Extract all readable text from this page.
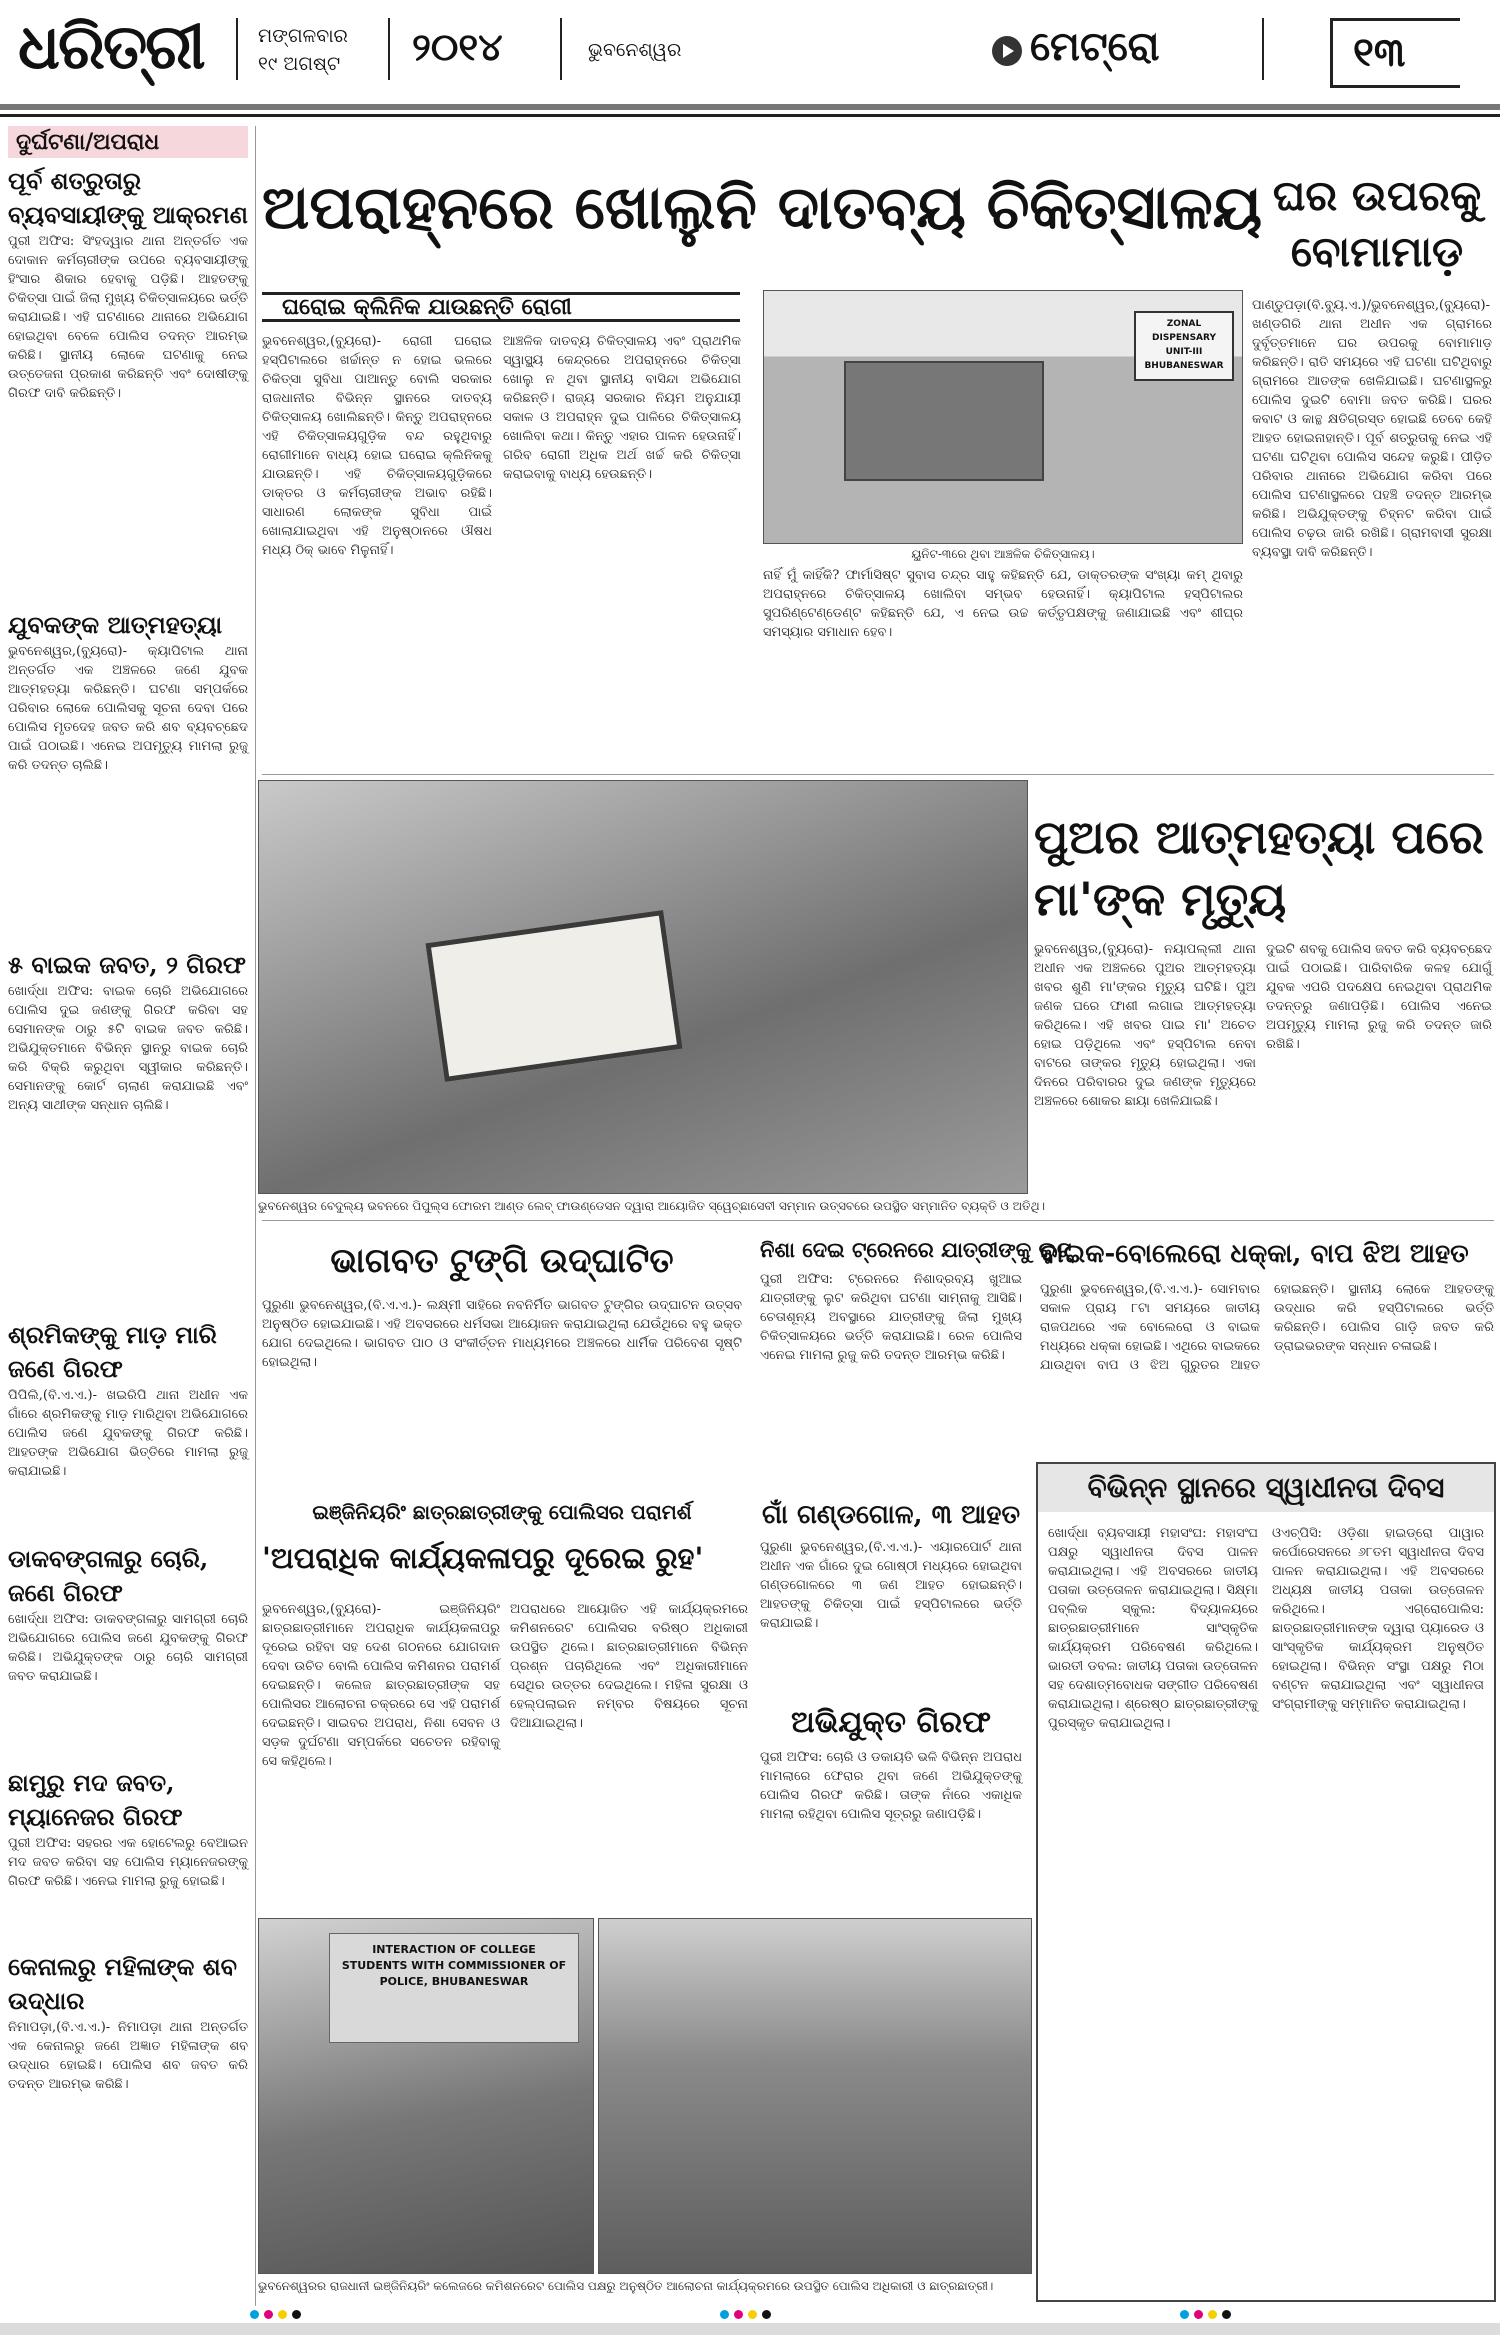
ଧରିତ୍ରୀ	ମଙ୍ଗଳବାର
୧୯ ଅଗଷ୍ଟ ୨୦୧୪	ଭୁବନେଶ୍ୱର	ମେଟ୍ରୋ	୧୩
ଦୁର୍ଘଟଣା/ଅପରାଧ
ପୂର୍ବ ଶତ୍ରୁତାରୁ ବ୍ୟବସାୟୀଙ୍କୁ ଆକ୍ରମଣ
ପୁରୀ ଅଫିସ: ସିଂହଦ୍ୱାର ଥାନା ଅନ୍ତର୍ଗତ ଏକ ଦୋକାନ କର୍ମଚାରୀଙ୍କ ଉପରେ ବ୍ୟବସାୟୀଙ୍କୁ ହିଂସାର ଶିକାର ହେବାକୁ ପଡ଼ିଛି। ଆହତଙ୍କୁ ଚିକିତ୍ସା ପାଇଁ ଜିଲା ମୁଖ୍ୟ ଚିକିତ୍ସାଳୟରେ ଭର୍ତ୍ତି କରାଯାଇଛି। ଏହି ଘଟଣାରେ ଥାନାରେ ଅଭିଯୋଗ ହୋଇଥିବା ବେଳେ ପୋଲିସ ତଦନ୍ତ ଆରମ୍ଭ କରିଛି। ସ୍ଥାନୀୟ ଲୋକେ ଘଟଣାକୁ ନେଇ ଉତ୍ତେଜନା ପ୍ରକାଶ କରିଛନ୍ତି ଏବଂ ଦୋଷୀଙ୍କୁ ଗିରଫ ଦାବି କରିଛନ୍ତି।
ଯୁବକଙ୍କ ଆତ୍ମହତ୍ୟା
ଭୁବନେଶ୍ୱର,(ବ୍ୟୁରୋ)- କ୍ୟାପିଟାଲ ଥାନା ଅନ୍ତର୍ଗତ ଏକ ଅଞ୍ଚଳରେ ଜଣେ ଯୁବକ ଆତ୍ମହତ୍ୟା କରିଛନ୍ତି। ଘଟଣା ସମ୍ପର୍କରେ ପରିବାର ଲୋକେ ପୋଲିସକୁ ସୂଚନା ଦେବା ପରେ ପୋଲିସ ମୃତଦେହ ଜବତ କରି ଶବ ବ୍ୟବଚ୍ଛେଦ ପାଇଁ ପଠାଇଛି। ଏନେଇ ଅପମୃତ୍ୟୁ ମାମଲା ରୁଜୁ କରି ତଦନ୍ତ ଚାଲିଛି।
୫ ବାଇକ ଜବତ, ୨ ଗିରଫ
ଖୋର୍ଦ୍ଧା ଅଫିସ: ବାଇକ ଚୋରି ଅଭିଯୋଗରେ ପୋଲିସ ଦୁଇ ଜଣଙ୍କୁ ଗିରଫ କରିବା ସହ ସେମାନଙ୍କ ଠାରୁ ୫ଟି ବାଇକ ଜବତ କରିଛି। ଅଭିଯୁକ୍ତମାନେ ବିଭିନ୍ନ ସ୍ଥାନରୁ ବାଇକ ଚୋରି କରି ବିକ୍ରି କରୁଥିବା ସ୍ୱୀକାର କରିଛନ୍ତି। ସେମାନଙ୍କୁ କୋର୍ଟ ଚାଲାଣ କରାଯାଇଛି ଏବଂ ଅନ୍ୟ ସାଥୀଙ୍କ ସନ୍ଧାନ ଚାଲିଛି।
ଶ୍ରମିକଙ୍କୁ ମାଡ଼ ମାରି ଜଣେ ଗିରଫ
ପିପିଲି,(ବି.ଏ.ଏ.)- ଖଇରିପି ଥାନା ଅଧୀନ ଏକ ଗାଁରେ ଶ୍ରମିକଙ୍କୁ ମାଡ଼ ମାରିଥିବା ଅଭିଯୋଗରେ ପୋଲିସ ଜଣେ ଯୁବକଙ୍କୁ ଗିରଫ କରିଛି। ଆହତଙ୍କ ଅଭିଯୋଗ ଭିତ୍ତିରେ ମାମଲା ରୁଜୁ କରାଯାଇଛି।
ଡାକବଙ୍ଗଳାରୁ ଚୋରି, ଜଣେ ଗିରଫ
ଖୋର୍ଦ୍ଧା ଅଫିସ: ଡାକବଙ୍ଗଳାରୁ ସାମଗ୍ରୀ ଚୋରି ଅଭିଯୋଗରେ ପୋଲିସ ଜଣେ ଯୁବକଙ୍କୁ ଗିରଫ କରିଛି। ଅଭିଯୁକ୍ତଙ୍କ ଠାରୁ ଚୋରି ସାମଗ୍ରୀ ଜବତ କରାଯାଇଛି।
ଛାମୁରୁ ମଦ ଜବତ, ମ୍ୟାନେଜର ଗିରଫ
ପୁରୀ ଅଫିସ: ସହରର ଏକ ହୋଟେଲରୁ ବେଆଇନ ମଦ ଜବତ କରିବା ସହ ପୋଲିସ ମ୍ୟାନେଜରଙ୍କୁ ଗିରଫ କରିଛି। ଏନେଇ ମାମଲା ରୁଜୁ ହୋଇଛି।
କେନାଲରୁ ମହିଳାଙ୍କ ଶବ ଉଦ୍ଧାର
ନିମାପଡ଼ା,(ବି.ଏ.ଏ.)- ନିମାପଡ଼ା ଥାନା ଅନ୍ତର୍ଗତ ଏକ କେନାଲରୁ ଜଣେ ଅଜ୍ଞାତ ମହିଳାଙ୍କ ଶବ ଉଦ୍ଧାର ହୋଇଛି। ପୋଲିସ ଶବ ଜବତ କରି ତଦନ୍ତ ଆରମ୍ଭ କରିଛି।
ଅପରାହ୍ନରେ ଖୋଲୁନି ଦାତବ୍ୟ ଚିକିତ୍ସାଳୟ
ଘରୋଇ କ୍ଲିନିକ ଯାଉଛନ୍ତି ରୋଗୀ
ଭୁବନେଶ୍ୱର,(ବ୍ୟୁରୋ)- ରୋଗୀ ଘରୋଇ ହସ୍ପିଟାଲରେ ଖର୍ଚ୍ଚାନ୍ତ ନ ହୋଇ ଭଲରେ ଚିକିତ୍ସା ସୁବିଧା ପାଆନ୍ତୁ ବୋଲି ସରକାର ରାଜଧାନୀର ବିଭିନ୍ନ ସ୍ଥାନରେ ଦାତବ୍ୟ ଚିକିତ୍ସାଳୟ ଖୋଲିଛନ୍ତି। କିନ୍ତୁ ଅପରାହ୍ନରେ ଏହି ଚିକିତ୍ସାଳୟଗୁଡ଼ିକ ବନ୍ଦ ରହୁଥିବାରୁ ରୋଗୀମାନେ ବାଧ୍ୟ ହୋଇ ଘରୋଇ କ୍ଲିନିକକୁ ଯାଉଛନ୍ତି। ଏହି ଚିକିତ୍ସାଳୟଗୁଡ଼ିକରେ ଡାକ୍ତର ଓ କର୍ମଚାରୀଙ୍କ ଅଭାବ ରହିଛି। ସାଧାରଣ ଲୋକଙ୍କ ସୁବିଧା ପାଇଁ ଖୋଲାଯାଇଥିବା ଏହି ଅନୁଷ୍ଠାନରେ ଔଷଧ ମଧ୍ୟ ଠିକ୍ ଭାବେ ମିଳୁନାହିଁ।
ଆଞ୍ଚଳିକ ଦାତବ୍ୟ ଚିକିତ୍ସାଳୟ ଏବଂ ପ୍ରାଥମିକ ସ୍ୱାସ୍ଥ୍ୟ କେନ୍ଦ୍ରରେ ଅପରାହ୍ନରେ ଚିକିତ୍ସା ଖୋଲୁ ନ ଥିବା ସ୍ଥାନୀୟ ବାସିନ୍ଦା ଅଭିଯୋଗ କରିଛନ୍ତି। ରାଜ୍ୟ ସରକାର ନିୟମ ଅନୁଯାୟୀ ସକାଳ ଓ ଅପରାହ୍ନ ଦୁଇ ପାଳିରେ ଚିକିତ୍ସାଳୟ ଖୋଲିବା କଥା। କିନ୍ତୁ ଏହାର ପାଳନ ହେଉନାହିଁ। ଗରିବ ରୋଗୀ ଅଧିକ ଅର୍ଥ ଖର୍ଚ୍ଚ କରି ଚିକିତ୍ସା କରାଇବାକୁ ବାଧ୍ୟ ହେଉଛନ୍ତି।
ZONAL DISPENSARY UNIT-III BHUBANESWAR
ୟୁନିଟ-୩ରେ ଥିବା ଆଞ୍ଚଳିକ ଚିକିତ୍ସାଳୟ।
ନାହିଁ ମୁଁ କାହିଁକି? ଫାର୍ମାସିଷ୍ଟ ସୁବାସ ଚନ୍ଦ୍ର ସାହୁ କହିଛନ୍ତି ଯେ, ଡାକ୍ତରଙ୍କ ସଂଖ୍ୟା କମ୍ ଥିବାରୁ ଅପରାହ୍ନରେ ଚିକିତ୍ସାଳୟ ଖୋଲିବା ସମ୍ଭବ ହେଉନାହିଁ। କ୍ୟାପିଟାଲ ହସ୍ପିଟାଲର ସୁପରିଣ୍ଟେଣ୍ଡେଣ୍ଟ କହିଛନ୍ତି ଯେ, ଏ ନେଇ ଉଚ୍ଚ କର୍ତ୍ତୃପକ୍ଷଙ୍କୁ ଜଣାଯାଇଛି ଏବଂ ଶୀଘ୍ର ସମସ୍ୟାର ସମାଧାନ ହେବ।
ଘର ଉପରକୁ ବୋମାମାଡ଼
ପାଣ୍ଡୁପଡ଼ା(ବି.ବ୍ୟୁ.ଏ.)/ଭୁବନେଶ୍ୱର,(ବ୍ୟୁରୋ)- ଖଣ୍ଡଗିରି ଥାନା ଅଧୀନ ଏକ ଗ୍ରାମରେ ଦୁର୍ବୃତ୍ତମାନେ ଘର ଉପରକୁ ବୋମାମାଡ଼ କରିଛନ୍ତି। ରାତି ସମୟରେ ଏହି ଘଟଣା ଘଟିଥିବାରୁ ଗ୍ରାମରେ ଆତଙ୍କ ଖେଳିଯାଇଛି। ଘଟଣାସ୍ଥଳରୁ ପୋଲିସ ଦୁଇଟି ବୋମା ଜବତ କରିଛି। ଘରର କବାଟ ଓ କାନ୍ଥ କ୍ଷତିଗ୍ରସ୍ତ ହୋଇଛି ତେବେ କେହି ଆହତ ହୋଇନାହାନ୍ତି। ପୂର୍ବ ଶତ୍ରୁତାକୁ ନେଇ ଏହି ଘଟଣା ଘଟିଥିବା ପୋଲିସ ସନ୍ଦେହ କରୁଛି। ପୀଡ଼ିତ ପରିବାର ଥାନାରେ ଅଭିଯୋଗ କରିବା ପରେ ପୋଲିସ ଘଟଣାସ୍ଥଳରେ ପହଞ୍ଚି ତଦନ୍ତ ଆରମ୍ଭ କରିଛି। ଅଭିଯୁକ୍ତଙ୍କୁ ଚିହ୍ନଟ କରିବା ପାଇଁ ପୋଲିସ ଚଢ଼ଉ ଜାରି ରଖିଛି। ଗ୍ରାମବାସୀ ସୁରକ୍ଷା ବ୍ୟବସ୍ଥା ଦାବି କରିଛନ୍ତି।
ଭୁବନେଶ୍ୱର ବେଦୁଲ୍ୟ ଭବନରେ ପିପୁଲ୍ସ ଫୋରମ ଆଣ୍ଡ ଲେବ୍ ଫାଉଣ୍ଡେସନ ଦ୍ୱାରା ଆୟୋଜିତ ସ୍ୱେଚ୍ଛାସେବୀ ସମ୍ମାନ ଉତ୍ସବରେ ଉପସ୍ଥିତ ସମ୍ମାନିତ ବ୍ୟକ୍ତି ଓ ଅତିଥି।
ପୁଅର ଆତ୍ମହତ୍ୟା ପରେ ମା'ଙ୍କ ମୃତ୍ୟୁ
ଭୁବନେଶ୍ୱର,(ବ୍ୟୁରୋ)- ନୟାପଲ୍ଲୀ ଥାନା ଅଧୀନ ଏକ ଅଞ୍ଚଳରେ ପୁଅର ଆତ୍ମହତ୍ୟା ଖବର ଶୁଣି ମା'ଙ୍କର ମୃତ୍ୟୁ ଘଟିଛି। ପୁଅ ଜଣକ ଘରେ ଫାଶୀ ଲଗାଇ ଆତ୍ମହତ୍ୟା କରିଥିଲେ। ଏହି ଖବର ପାଇ ମା' ଅଚେତ ହୋଇ ପଡ଼ିଥିଲେ ଏବଂ ହସ୍ପିଟାଲ ନେବା ବାଟରେ ତାଙ୍କର ମୃତ୍ୟୁ ହୋଇଥିଲା। ଏକା ଦିନରେ ପରିବାରର ଦୁଇ ଜଣଙ୍କ ମୃତ୍ୟୁରେ ଅଞ୍ଚଳରେ ଶୋକର ଛାୟା ଖେଳିଯାଇଛି।
ଦୁଇଟି ଶବକୁ ପୋଲିସ ଜବତ କରି ବ୍ୟବଚ୍ଛେଦ ପାଇଁ ପଠାଇଛି। ପାରିବାରିକ କଳହ ଯୋଗୁଁ ଯୁବକ ଏପରି ପଦକ୍ଷେପ ନେଇଥିବା ପ୍ରାଥମିକ ତଦନ୍ତରୁ ଜଣାପଡ଼ିଛି। ପୋଲିସ ଏନେଇ ଅପମୃତ୍ୟୁ ମାମଲା ରୁଜୁ କରି ତଦନ୍ତ ଜାରି ରଖିଛି।
ଭାଗବତ ଟୁଙ୍ଗି ଉଦ୍‌ଘାଟିତ
ପୁରୁଣା ଭୁବନେଶ୍ୱର,(ବି.ଏ.ଏ.)- ଲକ୍ଷ୍ମୀ ସାହିରେ ନବନିର୍ମିତ ଭାଗବତ ଟୁଙ୍ଗିର ଉଦ୍‌ଘାଟନ ଉତ୍ସବ ଅନୁଷ୍ଠିତ ହୋଇଯାଇଛି। ଏହି ଅବସରରେ ଧର୍ମସଭା ଆୟୋଜନ କରାଯାଇଥିଲା ଯେଉଁଥିରେ ବହୁ ଭକ୍ତ ଯୋଗ ଦେଇଥିଲେ। ଭାଗବତ ପାଠ ଓ ସଂକୀର୍ତ୍ତନ ମାଧ୍ୟମରେ ଅଞ୍ଚଳରେ ଧାର୍ମିକ ପରିବେଶ ସୃଷ୍ଟି ହୋଇଥିଲା।
ନିଶା ଦେଇ ଟ୍ରେନରେ ଯାତ୍ରୀଙ୍କୁ ଲୁଟ୍
ପୁରୀ ଅଫିସ: ଟ୍ରେନରେ ନିଶାଦ୍ରବ୍ୟ ଖୁଆଇ ଯାତ୍ରୀଙ୍କୁ ଲୁଟ କରିଥିବା ଘଟଣା ସାମ୍ନାକୁ ଆସିଛି। ଚେତାଶୂନ୍ୟ ଅବସ୍ଥାରେ ଯାତ୍ରୀଙ୍କୁ ଜିଲା ମୁଖ୍ୟ ଚିକିତ୍ସାଳୟରେ ଭର୍ତ୍ତି କରାଯାଇଛି। ରେଳ ପୋଲିସ ଏନେଇ ମାମଲା ରୁଜୁ କରି ତଦନ୍ତ ଆରମ୍ଭ କରିଛି।
ବାଇକ-ବୋଲେରୋ ଧକ୍କା, ବାପ ଝିଅ ଆହତ
ପୁରୁଣା ଭୁବନେଶ୍ୱର,(ବି.ଏ.ଏ.)- ସୋମବାର ସକାଳ ପ୍ରାୟ ୮ଟା ସମୟରେ ଜାତୀୟ ରାଜପଥରେ ଏକ ବୋଲେରୋ ଓ ବାଇକ ମଧ୍ୟରେ ଧକ୍କା ହୋଇଛି। ଏଥିରେ ବାଇକରେ ଯାଉଥିବା ବାପ ଓ ଝିଅ ଗୁରୁତର ଆହତ ହୋଇଛନ୍ତି। ସ୍ଥାନୀୟ ଲୋକେ ଆହତଙ୍କୁ ଉଦ୍ଧାର କରି ହସ୍ପିଟାଲରେ ଭର୍ତ୍ତି କରିଛନ୍ତି। ପୋଲିସ ଗାଡ଼ି ଜବତ କରି ଡ୍ରାଇଭରଙ୍କ ସନ୍ଧାନ ଚଳାଇଛି।
ଗାଁ ଗଣ୍ଡଗୋଳ, ୩ ଆହତ
ପୁରୁଣା ଭୁବନେଶ୍ୱର,(ବି.ଏ.ଏ.)- ଏୟାରପୋର୍ଟ ଥାନା ଅଧୀନ ଏକ ଗାଁରେ ଦୁଇ ଗୋଷ୍ଠୀ ମଧ୍ୟରେ ହୋଇଥିବା ଗଣ୍ଡଗୋଳରେ ୩ ଜଣ ଆହତ ହୋଇଛନ୍ତି। ଆହତଙ୍କୁ ଚିକିତ୍ସା ପାଇଁ ହସ୍ପିଟାଲରେ ଭର୍ତ୍ତି କରାଯାଇଛି।
ଅଭିଯୁକ୍ତ ଗିରଫ
ପୁରୀ ଅଫିସ: ଚୋରି ଓ ଡକାୟତି ଭଳି ବିଭିନ୍ନ ଅପରାଧ ମାମଲାରେ ଫେରାର ଥିବା ଜଣେ ଅଭିଯୁକ୍ତଙ୍କୁ ପୋଲିସ ଗିରଫ କରିଛି। ତାଙ୍କ ନାଁରେ ଏକାଧିକ ମାମଲା ରହିଥିବା ପୋଲିସ ସୂତ୍ରରୁ ଜଣାପଡ଼ିଛି।
ଇଞ୍ଜିନିୟରିଂ ଛାତ୍ରଛାତ୍ରୀଙ୍କୁ ପୋଲିସର ପରାମର୍ଶ
'ଅପରାଧିକ କାର୍ଯ୍ୟକଳାପରୁ ଦୂରେଇ ରୁହ'
ଭୁବନେଶ୍ୱର,(ବ୍ୟୁରୋ)- ଇଞ୍ଜିନିୟରିଂ ଛାତ୍ରଛାତ୍ରୀମାନେ ଅପରାଧିକ କାର୍ଯ୍ୟକଳାପରୁ ଦୂରେଇ ରହିବା ସହ ଦେଶ ଗଠନରେ ଯୋଗଦାନ ଦେବା ଉଚିତ ବୋଲି ପୋଲିସ କମିଶନର ପରାମର୍ଶ ଦେଇଛନ୍ତି। କଲେଜ ଛାତ୍ରଛାତ୍ରୀଙ୍କ ସହ ପୋଲିସର ଆଲୋଚନା ଚକ୍ରରେ ସେ ଏହି ପରାମର୍ଶ ଦେଇଛନ୍ତି। ସାଇବର ଅପରାଧ, ନିଶା ସେବନ ଓ ସଡ଼କ ଦୁର୍ଘଟଣା ସମ୍ପର୍କରେ ସଚେତନ ରହିବାକୁ ସେ କହିଥିଲେ।
ଅପରାଧରେ ଆୟୋଜିତ ଏହି କାର୍ଯ୍ୟକ୍ରମରେ କମିଶନରେଟ ପୋଲିସର ବରିଷ୍ଠ ଅଧିକାରୀ ଉପସ୍ଥିତ ଥିଲେ। ଛାତ୍ରଛାତ୍ରୀମାନେ ବିଭିନ୍ନ ପ୍ରଶ୍ନ ପଚାରିଥିଲେ ଏବଂ ଅଧିକାରୀମାନେ ସେଥିର ଉତ୍ତର ଦେଇଥିଲେ। ମହିଳା ସୁରକ୍ଷା ଓ ହେଲ୍ପଲାଇନ ନମ୍ବର ବିଷୟରେ ସୂଚନା ଦିଆଯାଇଥିଲା।
INTERACTION OF COLLEGE STUDENTS WITH COMMISSIONER OF POLICE, BHUBANESWAR
ଭୁବନେଶ୍ୱରର ରାଜଧାନୀ ଇଞ୍ଜିନିୟରିଂ କଲେଜରେ କମିଶନରେଟ ପୋଲିସ ପକ୍ଷରୁ ଅନୁଷ୍ଠିତ ଆଲୋଚନା କାର୍ଯ୍ୟକ୍ରମରେ ଉପସ୍ଥିତ ପୋଲିସ ଅଧିକାରୀ ଓ ଛାତ୍ରଛାତ୍ରୀ।
ବିଭିନ୍ନ ସ୍ଥାନରେ ସ୍ୱାଧୀନତା ଦିବସ
ଖୋର୍ଦ୍ଧା ବ୍ୟବସାୟୀ ମହାସଂଘ: ମହାସଂଘ ପକ୍ଷରୁ ସ୍ୱାଧୀନତା ଦିବସ ପାଳନ କରାଯାଇଥିଲା। ଏହି ଅବସରରେ ଜାତୀୟ ପତାକା ଉତ୍ତୋଳନ କରାଯାଇଥିଲା। ସିକ୍ଷ୍ମା ପବ୍ଲିକ ସ୍କୁଲ: ବିଦ୍ୟାଳୟରେ ଛାତ୍ରଛାତ୍ରୀମାନେ ସାଂସ୍କୃତିକ କାର୍ଯ୍ୟକ୍ରମ ପରିବେଷଣ କରିଥିଲେ। ଭାରତୀ ଡବଲ: ଜାତୀୟ ପତାକା ଉତ୍ତୋଳନ ସହ ଦେଶାତ୍ମବୋଧକ ସଙ୍ଗୀତ ପରିବେଷଣ କରାଯାଇଥିଲା। ଶ୍ରେଷ୍ଠ ଛାତ୍ରଛାତ୍ରୀଙ୍କୁ ପୁରସ୍କୃତ କରାଯାଇଥିଲା।
ଓଏଚ୍‌ପିସି: ଓଡ଼ିଶା ହାଇଡ୍ରୋ ପାୱାର କର୍ପୋରେସନରେ ୬୮ତମ ସ୍ୱାଧୀନତା ଦିବସ ପାଳନ କରାଯାଇଥିଲା। ଏହି ଅବସରରେ ଅଧ୍ୟକ୍ଷ ଜାତୀୟ ପତାକା ଉତ୍ତୋଳନ କରିଥିଲେ। ଏଗ୍ରୋପୋଲିସ: ଛାତ୍ରଛାତ୍ରୀମାନଙ୍କ ଦ୍ୱାରା ପ୍ୟାରେଡ ଓ ସାଂସ୍କୃତିକ କାର୍ଯ୍ୟକ୍ରମ ଅନୁଷ୍ଠିତ ହୋଇଥିଲା। ବିଭିନ୍ନ ସଂସ୍ଥା ପକ୍ଷରୁ ମିଠା ବଣ୍ଟନ କରାଯାଇଥିଲା ଏବଂ ସ୍ୱାଧୀନତା ସଂଗ୍ରାମୀଙ୍କୁ ସମ୍ମାନିତ କରାଯାଇଥିଲା।
